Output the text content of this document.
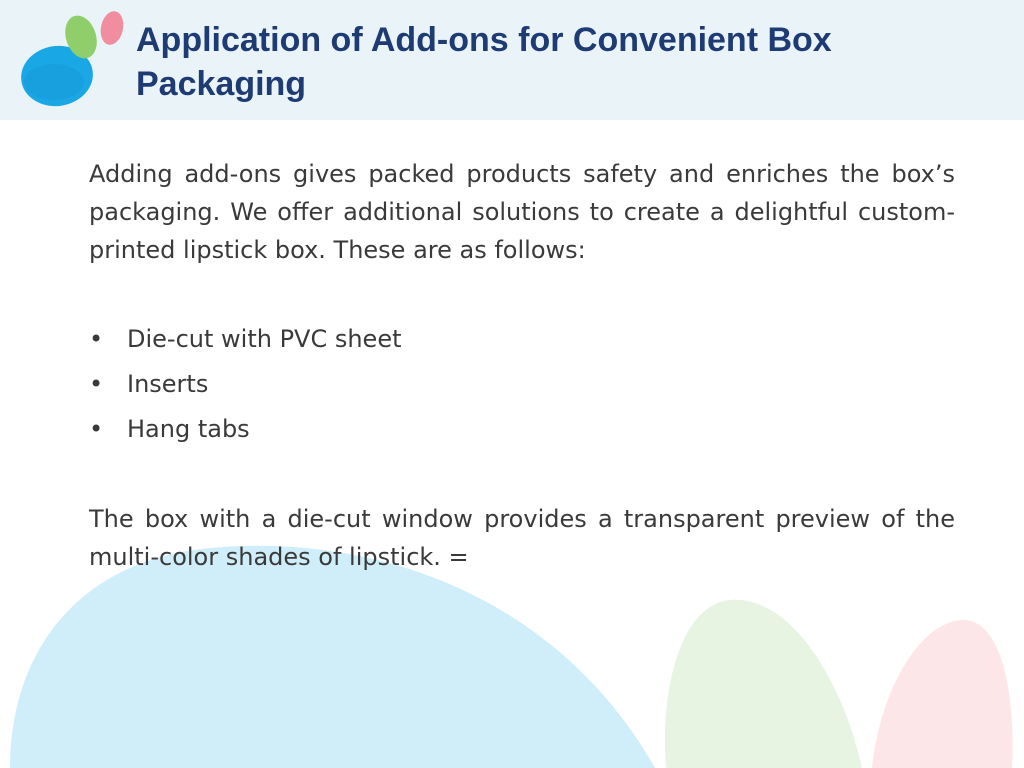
Application of Add-ons for Convenient Box Packaging

Adding add-ons gives packed products safety and enriches the box’s packaging. We offer additional solutions to create a delightful custom-printed lipstick box. These are as follows:

• Die-cut with PVC sheet
• Inserts
• Hang tabs

The box with a die-cut window provides a transparent preview of the multi-color shades of lipstick. =
